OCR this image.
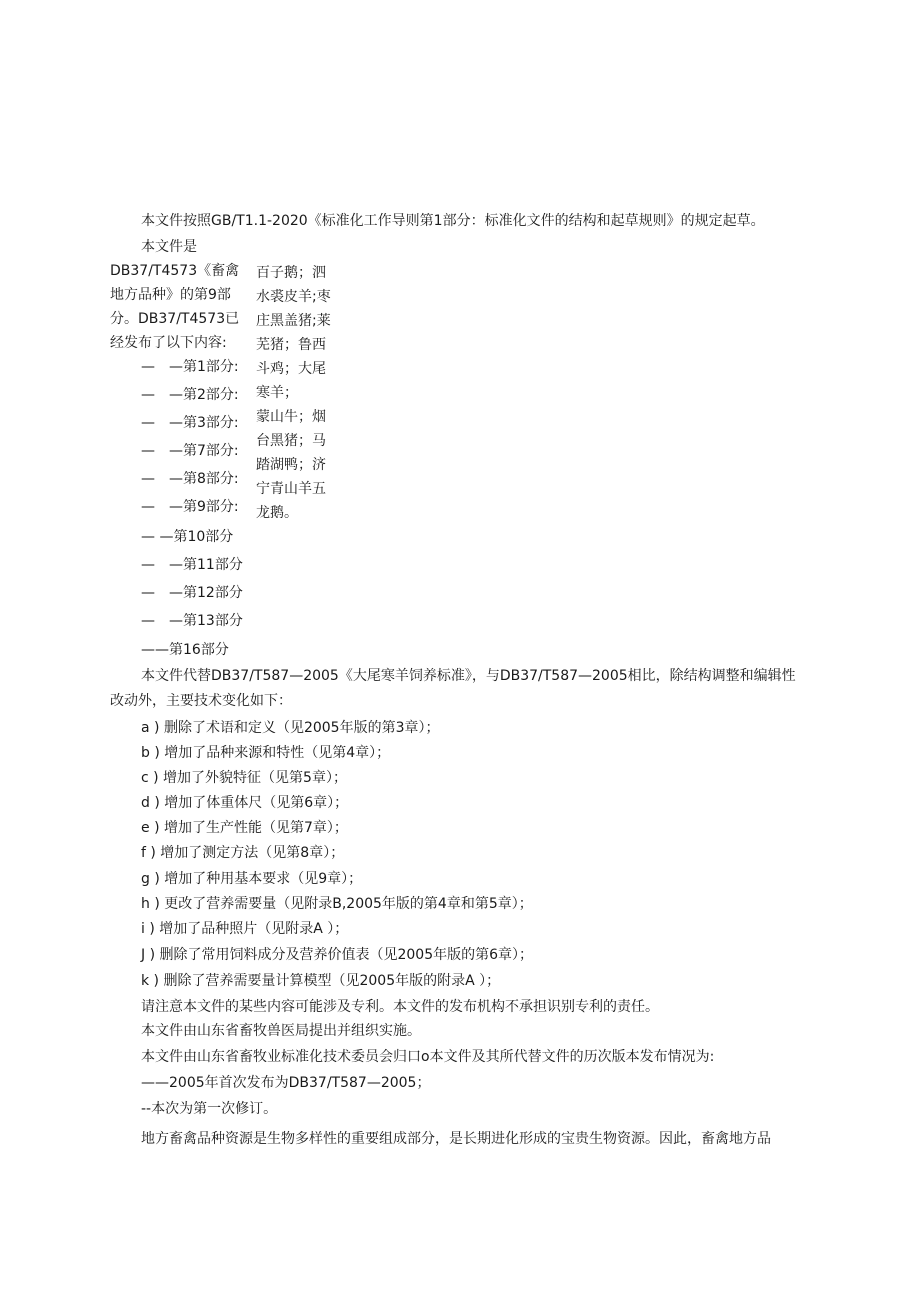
本文件按照GB/T1.1-2020《标准化工作导则第1部分：标准化文件的结构和起草规则》的规定起草。

本文件是

DB37/T4573《畜禽

地方品种》的第9部

分。DB37/T4573已

经发布了以下内容:

—　—第1部分:
—　—第2部分:
—　—第3部分:
—　—第7部分:
—　—第8部分:
—　—第9部分:
— —第10部分
—　—第11部分
—　—第12部分
—　—第13部分
——第16部分

百子鹅；泗

水裘皮羊;枣

庄黑盖猪;莱

芜猪；鲁西

斗鸡；大尾

寒羊；

蒙山牛；烟

台黑猪；马

踏湖鸭；济

宁青山羊五

龙鹅。

本文件代替DB37/T587—2005《大尾寒羊饲养标准》，与DB37/T587—2005相比，除结构调整和编辑性

改动外，主要技术变化如下：

a ) 删除了术语和定义（见2005年版的第3章）；
b ) 增加了品种来源和特性（见第4章）；
c ) 增加了外貌特征（见第5章）；
d ) 增加了体重体尺（见第6章）；
e ) 增加了生产性能（见第7章）；
f ) 增加了测定方法（见第8章）；
g ) 增加了种用基本要求（见9章）；
h ) 更改了营养需要量（见附录B,2005年版的第4章和第5章）；
i ) 增加了品种照片（见附录A ）；
J ) 删除了常用饲料成分及营养价值表（见2005年版的第6章）；
k ) 删除了营养需要量计算模型（见2005年版的附录A ）；

请注意本文件的某些内容可能涉及专利。本文件的发布机构不承担识别专利的责任。

本文件由山东省畜牧兽医局提出并组织实施。

本文件由山东省畜牧业标准化技术委员会归口o本文件及其所代替文件的历次版本发布情况为:

——2005年首次发布为DB37/T587—2005；

--本次为第一次修订。

地方畜禽品种资源是生物多样性的重要组成部分，是长期进化形成的宝贵生物资源。因此，畜禽地方品
